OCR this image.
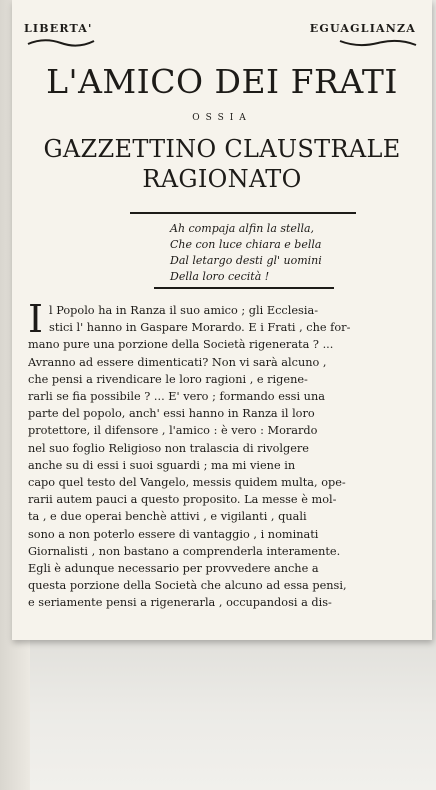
LIBERTA'	EGUAGLIANZA
L'AMICO DEI FRATI
OSSIA
GAZZETTINO CLAUSTRALE
RAGIONATO
Ah compaja alfin la stella,
Che con luce chiara e bella
Dal letargo desti gl' uomini
Della loro cecità !
I l Popolo ha in Ranza il suo amico ; gli Ecclesia-
stici l' hanno in Gaspare Morardo. E i Frati , che for-
mano pure una porzione della Società rigenerata ? ...
Avranno ad essere dimenticati? Non vi sarà alcuno ,
che pensi a rivendicare le loro ragioni , e rigene-
rarli se fia possibile ? ... E' vero ; formando essi una
parte del popolo, anch' essi hanno in Ranza il loro
protettore, il difensore , l'amico : è vero : Morardo
nel suo foglio Religioso non tralascia di rivolgere
anche su di essi i suoi sguardi ; ma mi viene in
capo quel testo del Vangelo, messis quidem multa, ope-
rarii autem pauci a questo proposito. La messe è mol-
ta , e due operai benchè attivi , e vigilanti , quali
sono a non poterlo essere di vantaggio , i nominati
Giornalisti , non bastano a comprenderla interamente.
Egli è adunque necessario per provvedere anche a
questa porzione della Società che alcuno ad essa pensi,
e seriamente pensi a rigenerarla , occupandosi a dis-
